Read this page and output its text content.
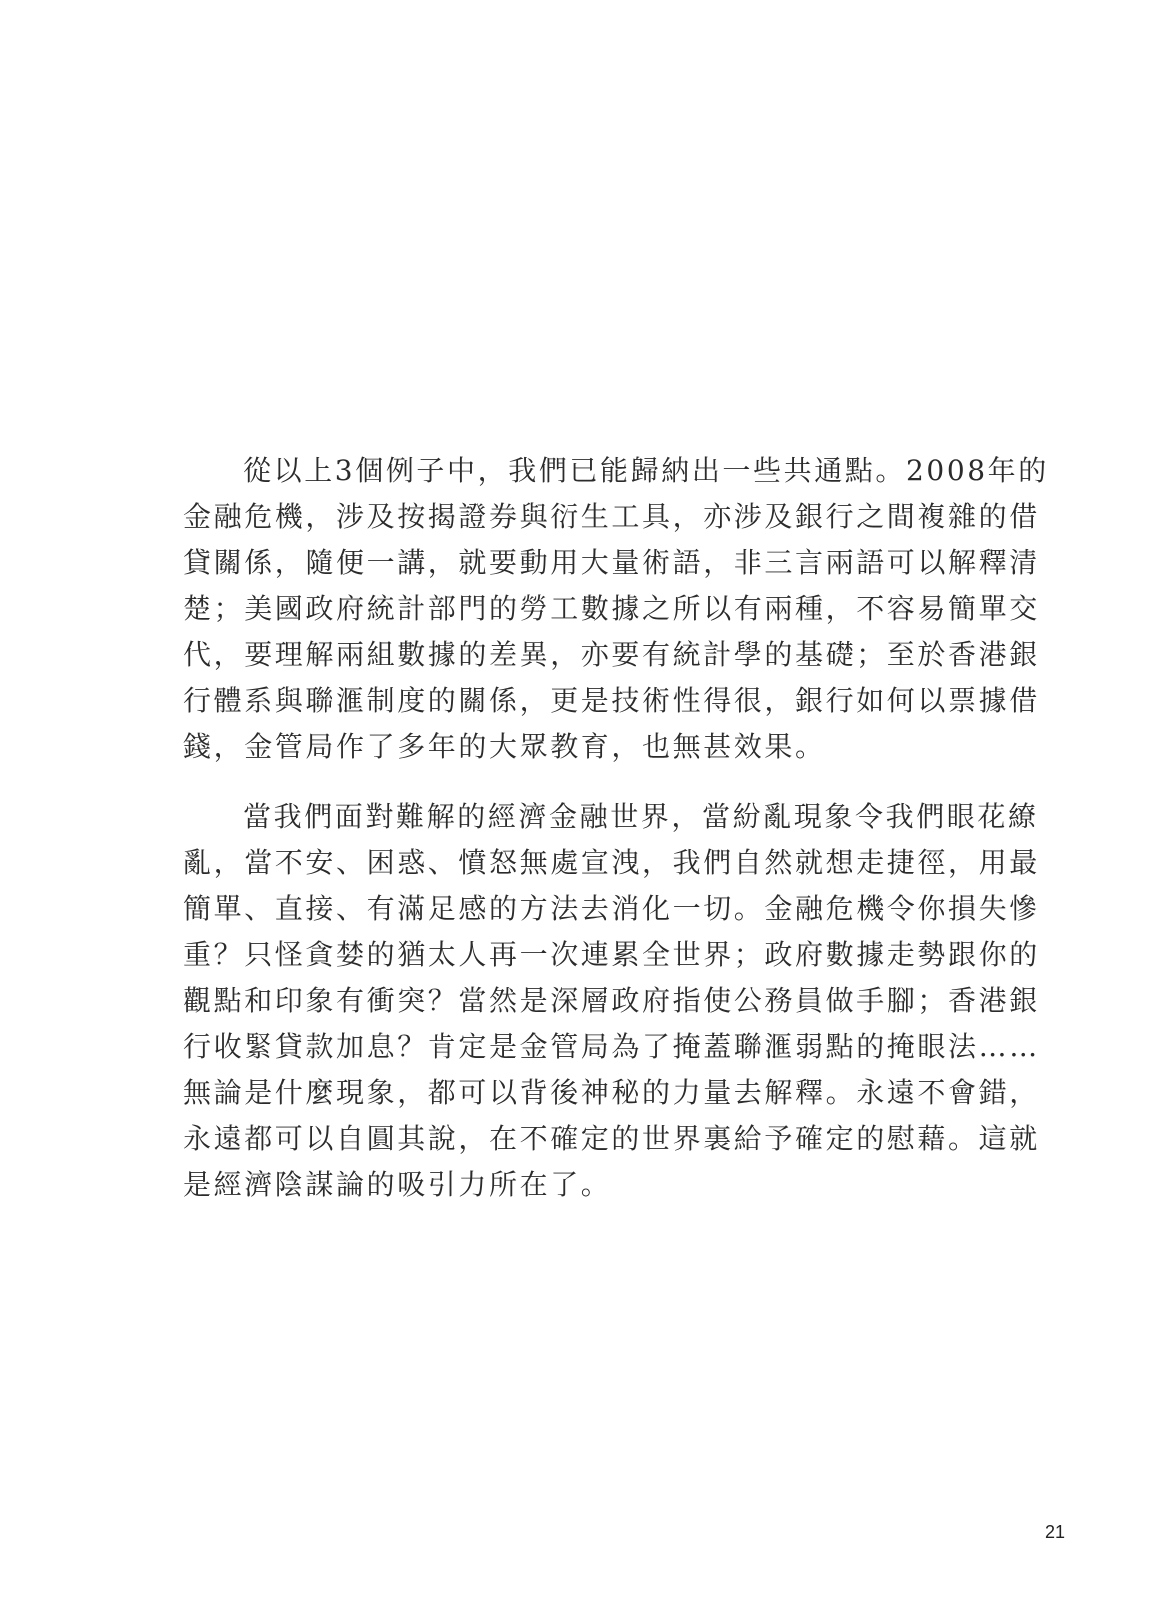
從以上3個例子中，我們已能歸納出一些共通點。2008年的
金融危機，涉及按揭證券與衍生工具，亦涉及銀行之間複雜的借
貸關係，隨便一講，就要動用大量術語，非三言兩語可以解釋清
楚；美國政府統計部門的勞工數據之所以有兩種，不容易簡單交
代，要理解兩組數據的差異，亦要有統計學的基礎；至於香港銀
行體系與聯滙制度的關係，更是技術性得很，銀行如何以票據借
錢，金管局作了多年的大眾教育，也無甚效果。

當我們面對難解的經濟金融世界，當紛亂現象令我們眼花繚
亂，當不安、困惑、憤怒無處宣洩，我們自然就想走捷徑，用最
簡單、直接、有滿足感的方法去消化一切。金融危機令你損失慘
重？只怪貪婪的猶太人再一次連累全世界；政府數據走勢跟你的
觀點和印象有衝突？當然是深層政府指使公務員做手腳；香港銀
行收緊貸款加息？肯定是金管局為了掩蓋聯滙弱點的掩眼法……
無論是什麼現象，都可以背後神秘的力量去解釋。永遠不會錯，
永遠都可以自圓其說，在不確定的世界裏給予確定的慰藉。這就
是經濟陰謀論的吸引力所在了。

21
